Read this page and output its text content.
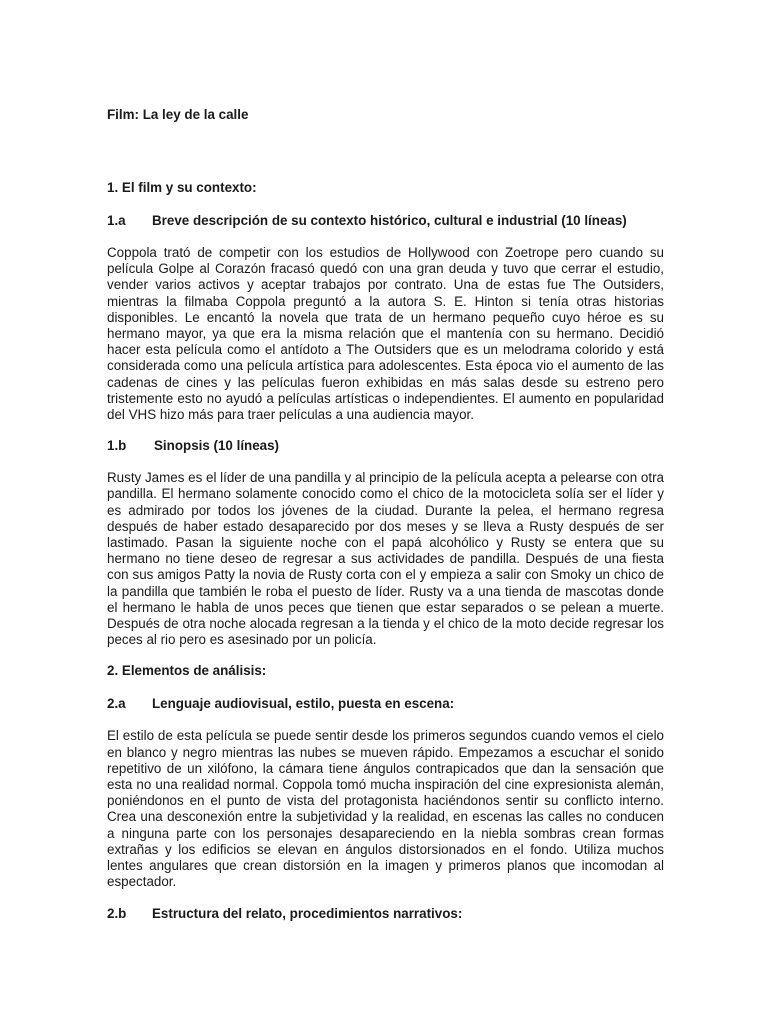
Film: La ley de la calle

1. El film y su contexto:

1.a	Breve descripción de su contexto histórico, cultural e industrial (10 líneas)

Coppola trató de competir con los estudios de Hollywood con Zoetrope pero cuando su película Golpe al Corazón fracasó quedó con una gran deuda y tuvo que cerrar el estudio, vender varios activos y aceptar trabajos por contrato. Una de estas fue The Outsiders, mientras la filmaba Coppola preguntó a la autora S. E. Hinton si tenía otras historias disponibles. Le encantó la novela que trata de un hermano pequeño cuyo héroe es su hermano mayor, ya que era la misma relación que el mantenía con su hermano. Decidió hacer esta película como el antídoto a The Outsiders que es un melodrama colorido y está considerada como una película artística para adolescentes. Esta época vio el aumento de las cadenas de cines y las películas fueron exhibidas en más salas desde su estreno pero tristemente esto no ayudó a películas artísticas o independientes. El aumento en popularidad del VHS hizo más para traer películas a una audiencia mayor.

1.b	Sinopsis (10 líneas)

Rusty James es el líder de una pandilla y al principio de la película acepta a pelearse con otra pandilla. El hermano solamente conocido como el chico de la motocicleta solía ser el líder y es admirado por todos los jóvenes de la ciudad. Durante la pelea, el hermano regresa después de haber estado desaparecido por dos meses y se lleva a Rusty después de ser lastimado. Pasan la siguiente noche con el papá alcohólico y Rusty se entera que su hermano no tiene deseo de regresar a sus actividades de pandilla. Después de una fiesta con sus amigos Patty la novia de Rusty corta con el y empieza a salir con Smoky un chico de la pandilla que también le roba el puesto de líder. Rusty va a una tienda de mascotas donde el hermano le habla de unos peces que tienen que estar separados o se pelean a muerte. Después de otra noche alocada regresan a la tienda y el chico de la moto decide regresar los peces al rio pero es asesinado por un policía.

2. Elementos de análisis:

2.a	Lenguaje audiovisual, estilo, puesta en escena:

El estilo de esta película se puede sentir desde los primeros segundos cuando vemos el cielo en blanco y negro mientras las nubes se mueven rápido. Empezamos a escuchar el sonido repetitivo de un xilófono, la cámara tiene ángulos contrapicados que dan la sensación que esta no una realidad normal. Coppola tomó mucha inspiración del cine expresionista alemán, poniéndonos en el punto de vista del protagonista haciéndonos sentir su conflicto interno. Crea una desconexión entre la subjetividad y la realidad, en escenas las calles no conducen a ninguna parte con los personajes desapareciendo en la niebla sombras crean formas extrañas y los edificios se elevan en ángulos distorsionados en el fondo. Utiliza muchos lentes angulares que crean distorsión en la imagen y primeros planos que incomodan al espectador.

2.b	Estructura del relato, procedimientos narrativos:
